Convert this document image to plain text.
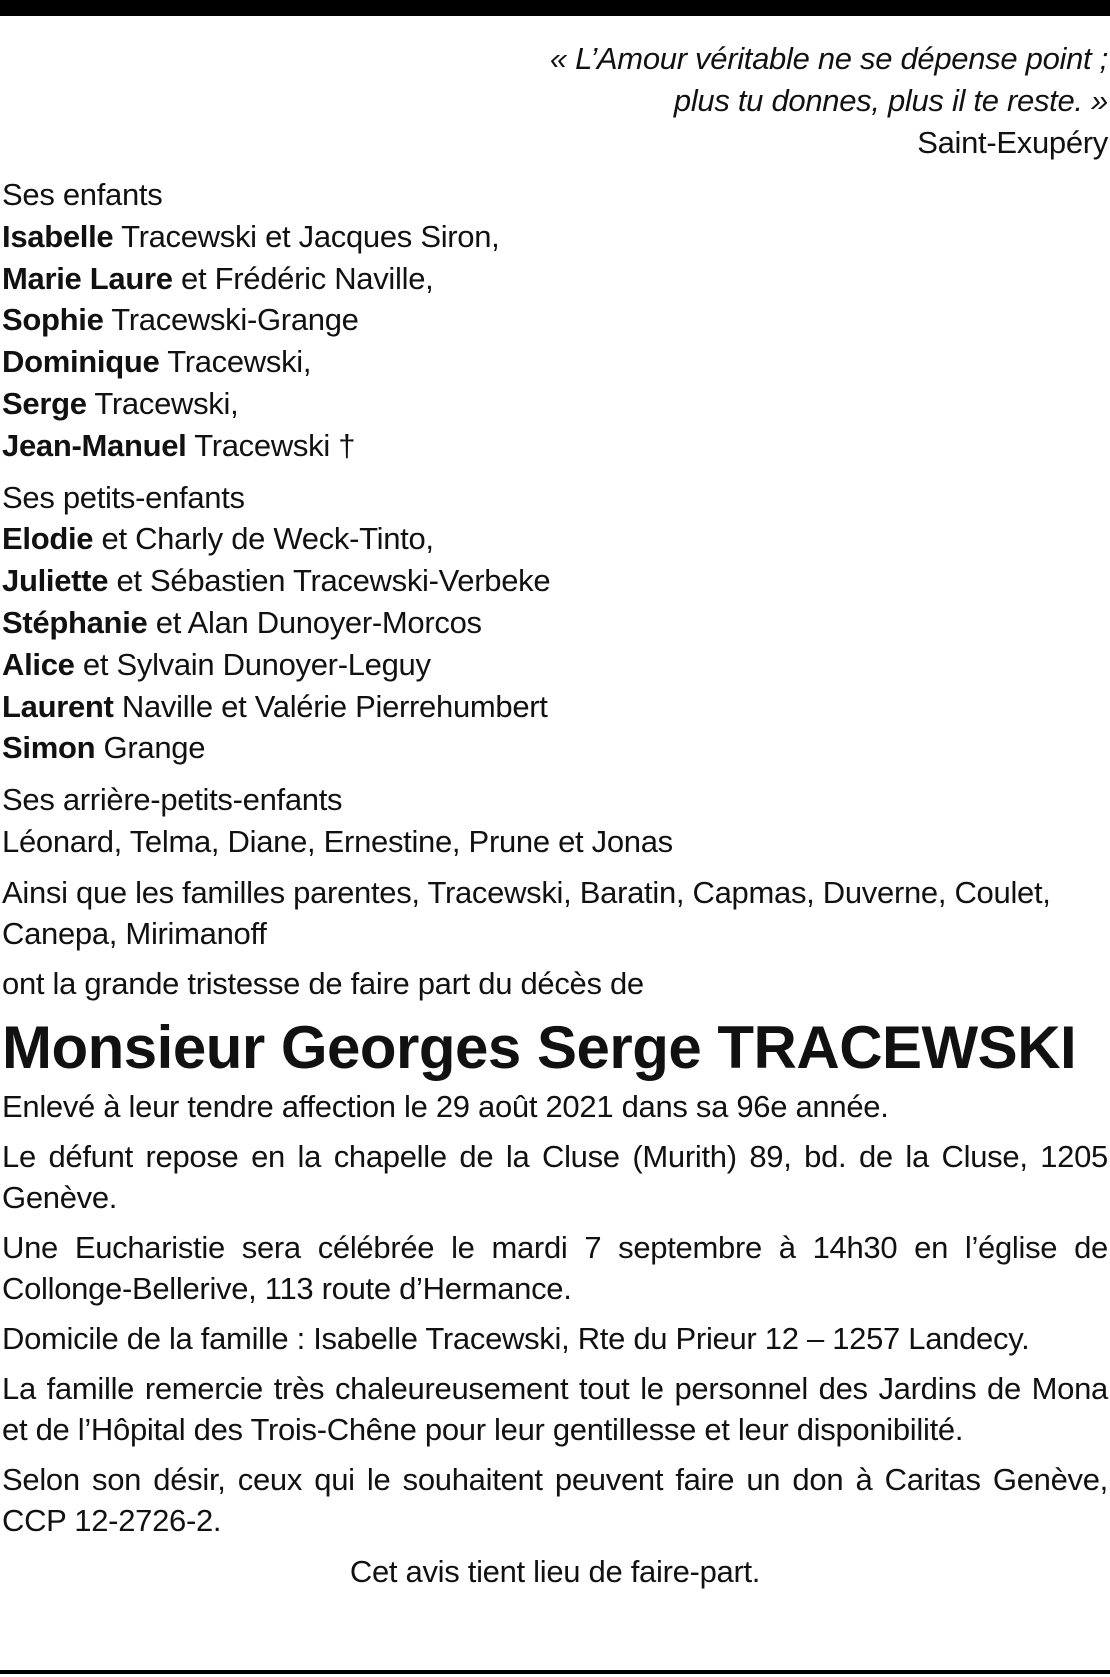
« L’Amour véritable ne se dépense point ;
plus tu donnes, plus il te reste. »
Saint-Exupéry
Ses enfants
Isabelle Tracewski et Jacques Siron,
Marie Laure et Frédéric Naville,
Sophie Tracewski-Grange
Dominique Tracewski,
Serge Tracewski,
Jean-Manuel Tracewski †
Ses petits-enfants
Elodie et Charly de Weck-Tinto,
Juliette et Sébastien Tracewski-Verbeke
Stéphanie et Alan Dunoyer-Morcos
Alice et Sylvain Dunoyer-Leguy
Laurent Naville et Valérie Pierrehumbert
Simon Grange
Ses arrière-petits-enfants
Léonard, Telma, Diane, Ernestine, Prune et Jonas
Ainsi que les familles parentes, Tracewski, Baratin, Capmas, Duverne, Coulet, Canepa, Mirimanoff
ont la grande tristesse de faire part du décès de
Monsieur Georges Serge TRACEWSKI
Enlevé à leur tendre affection le 29 août 2021 dans sa 96e année.
Le défunt repose en la chapelle de la Cluse (Murith) 89, bd. de la Cluse, 1205 Genève.
Une Eucharistie sera célébrée le mardi 7 septembre à 14h30 en l’église de Collonge-Bellerive, 113 route d’Hermance.
Domicile de la famille : Isabelle Tracewski, Rte du Prieur 12 – 1257 Landecy.
La famille remercie très chaleureusement tout le personnel des Jardins de Mona et de l’Hôpital des Trois-Chêne pour leur gentillesse et leur disponibilité.
Selon son désir, ceux qui le souhaitent peuvent faire un don à Caritas Genève, CCP 12-2726-2.
Cet avis tient lieu de faire-part.
